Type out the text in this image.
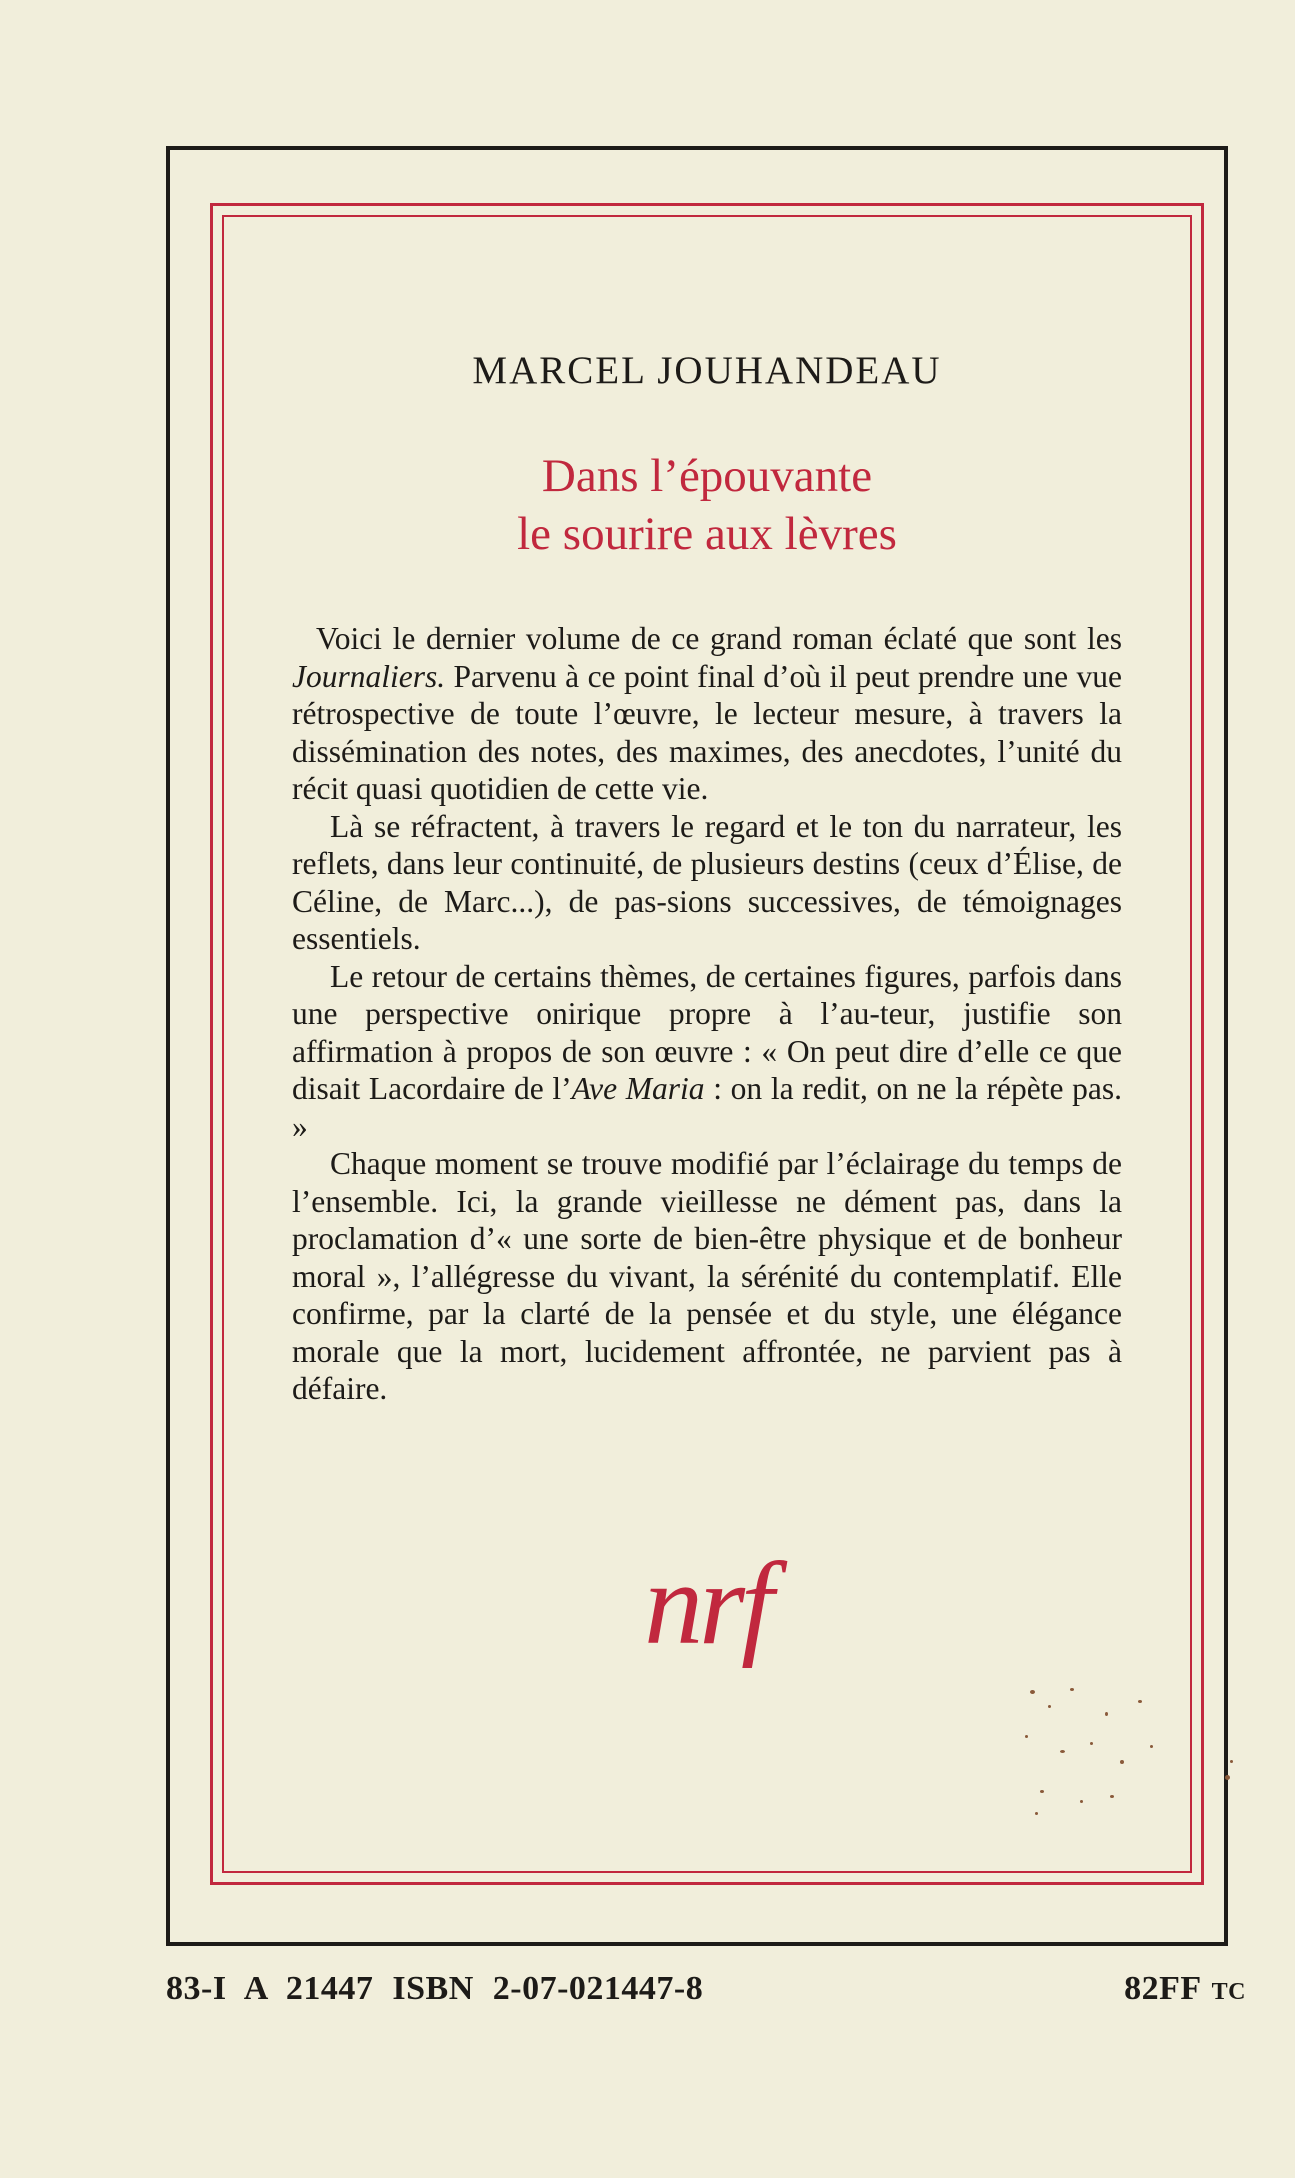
MARCEL JOUHANDEAU
Dans l’épouvante
le sourire aux lèvres

Voici le dernier volume de ce grand roman éclaté que sont les Journaliers. Parvenu à ce point final d’où il peut prendre une vue rétrospective de toute l’œuvre, le lecteur mesure, à travers la dissémination des notes, des maximes, des anecdotes, l’unité du récit quasi quotidien de cette vie.

Là se réfractent, à travers le regard et le ton du narrateur, les reflets, dans leur continuité, de plusieurs destins (ceux d’Élise, de Céline, de Marc...), de pas-sions successives, de témoignages essentiels.

Le retour de certains thèmes, de certaines figures, parfois dans une perspective onirique propre à l’au-teur, justifie son affirmation à propos de son œuvre : « On peut dire d’elle ce que disait Lacordaire de l’Ave Maria : on la redit, on ne la répète pas. »

Chaque moment se trouve modifié par l’éclairage du temps de l’ensemble. Ici, la grande vieillesse ne dément pas, dans la proclamation d’« une sorte de bien-être physique et de bonheur moral », l’allégresse du vivant, la sérénité du contemplatif. Elle confirme, par la clarté de la pensée et du style, une élégance morale que la mort, lucidement affrontée, ne parvient pas à défaire.

nrf
83-I A 21447 ISBN 2-07-021447-8	82FF TC
